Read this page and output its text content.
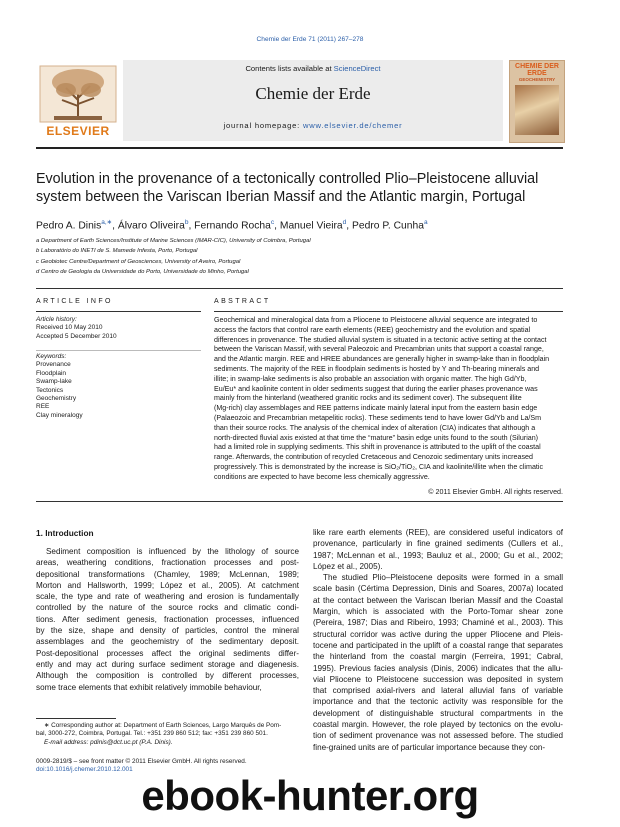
Chemie der Erde 71 (2011) 267–278
ELSEVIER
Contents lists available at ScienceDirect
Chemie der Erde
journal homepage: www.elsevier.de/chemer
CHEMIE DER ERDE
GEOCHEMISTRY
Evolution in the provenance of a tectonically controlled Plio–Pleistocene alluvial
system between the Variscan Iberian Massif and the Atlantic margin, Portugal
Pedro A. Dinis$^{a,∗}$, Álvaro Oliveira$^b$, Fernando Rocha$^c$, Manuel Vieira$^d$, Pedro P. Cunha$^a$
a Department of Earth Sciences/Institute of Marine Sciences (IMAR-CIC), University of Coimbra, Portugal
b Laboratório do INETI de S. Mamede Infesta, Porto, Portugal
c Geobiotec Centre/Department of Geosciences, University of Aveiro, Portugal
d Centro de Geologia da Universidade do Porto, Universidade do Minho, Portugal
ARTICLE INFO
Article history:
Received 10 May 2010
Accepted 5 December 2010
Keywords:
Provenance
Floodplain
Swamp-lake
Tectonics
Geochemistry
REE
Clay mineralogy
ABSTRACT
Geochemical and mineralogical data from a Pliocene to Pleistocene alluvial sequence are integrated to
access the factors that control rare earth elements (REE) geochemistry and the evolution and spatial
differences in provenance. The studied alluvial system is situated in a tectonic active setting at the contact
between the Variscan Massif, with several Paleozoic and Precambrian units that support a coastal range,
and the Atlantic margin. REE and HREE abundances are generally higher in swamp-lake than in floodplain
sediments. The majority of the REE in floodplain sediments is hosted by Y and Th-bearing minerals and
illite; in swamp-lake sediments is also probable an association with organic matter. The high Gd/Yb,
Eu/Eu* and kaolinite content in older sediments suggest that during the earlier phases provenance was
mainly from the hinterland (weathered granitic rocks and its sediment cover). The subsequent illite
(Mg-rich) clay assemblages and REE patterns indicate mainly lateral input from the eastern basin edge
(Palaeozoic and Precambrian metapelitic rocks). These sediments tend to have lower Gd/Yb and La/Sm
than their source rocks. The analysis of the chemical index of alteration (CIA) indicates that although a
north-directed fluvial axis existed at that time the “mature” basin edge units found to the south (Silurian)
had a limited role in supplying sediments. This shift in provenance is attributed to the uplift of the coastal
range. Afterwards, the contribution of recycled Cretaceous and Cenozoic sedimentary units increased
progressively. This is demonstrated by the increase is SiO₂/TiO₂, CIA and kaolinite/illite when the climatic
conditions are expected to have become less chemically aggressive.
© 2011 Elsevier GmbH. All rights reserved.
1. Introduction
Sediment composition is influenced by the lithology of source
areas, weathering conditions, fractionation processes and post-
depositional transformations (Chamley, 1989; McLennan, 1989;
Morton and Hallsworth, 1999; López et al., 2005). At catchment
scale, the type and rate of weathering and erosion is fundamentally
controlled by the nature of the source rocks and climatic condi-
tions. After sediment genesis, fractionation processes, influenced
by the size, shape and density of particles, control the mineral
assemblages and the geochemistry of the sedimentary deposit.
Post-depositional processes affect the original sediments differ-
ently and may act during surface sediment storage and diagenesis.
Although the composition is controlled by different processes,
some trace elements that exhibit relatively immobile behaviour,
like rare earth elements (REE), are considered useful indicators of
provenance, particularly in fine grained sediments (Cullers et al.,
1987; McLennan et al., 1993; Bauluz et al., 2000; Gu et al., 2002;
López et al., 2005).
The studied Plio–Pleistocene deposits were formed in a small
scale basin (Cértima Depression, Dinis and Soares, 2007a) located
at the contact between the Variscan Iberian Massif and the Coastal
Margin, which is associated with the Porto-Tomar shear zone
(Pereira, 1987; Dias and Ribeiro, 1993; Chaminé et al., 2003). This
structural corridor was active during the upper Pliocene and Pleis-
tocene and participated in the uplift of a coastal range that separates
the hinterland from the coastal margin (Ferreira, 1991; Cabral,
1995). Previous facies analysis (Dinis, 2006) indicates that the allu-
vial Pliocene to Pleistocene succession was deposited in system
that comprised axial-rivers and lateral alluvial fans of variable
importance and that the tectonic activity was responsible for the
development of distinguishable structural compartments in the
coastal margin. However, the role played by tectonics on the evolu-
tion of sediment provenance was not assessed before. The studied
fine-grained units are of particular importance because they con-
∗ Corresponding author at: Department of Earth Sciences, Largo Marquês de Pom-
bal, 3000-272, Coimbra, Portugal. Tel.: +351 239 860 512; fax: +351 239 860 501.
E-mail address: pdinis@dct.uc.pt (P.A. Dinis).
0009-2819/$ – see front matter © 2011 Elsevier GmbH. All rights reserved.
doi:10.1016/j.chemer.2010.12.001
ebook-hunter.org
